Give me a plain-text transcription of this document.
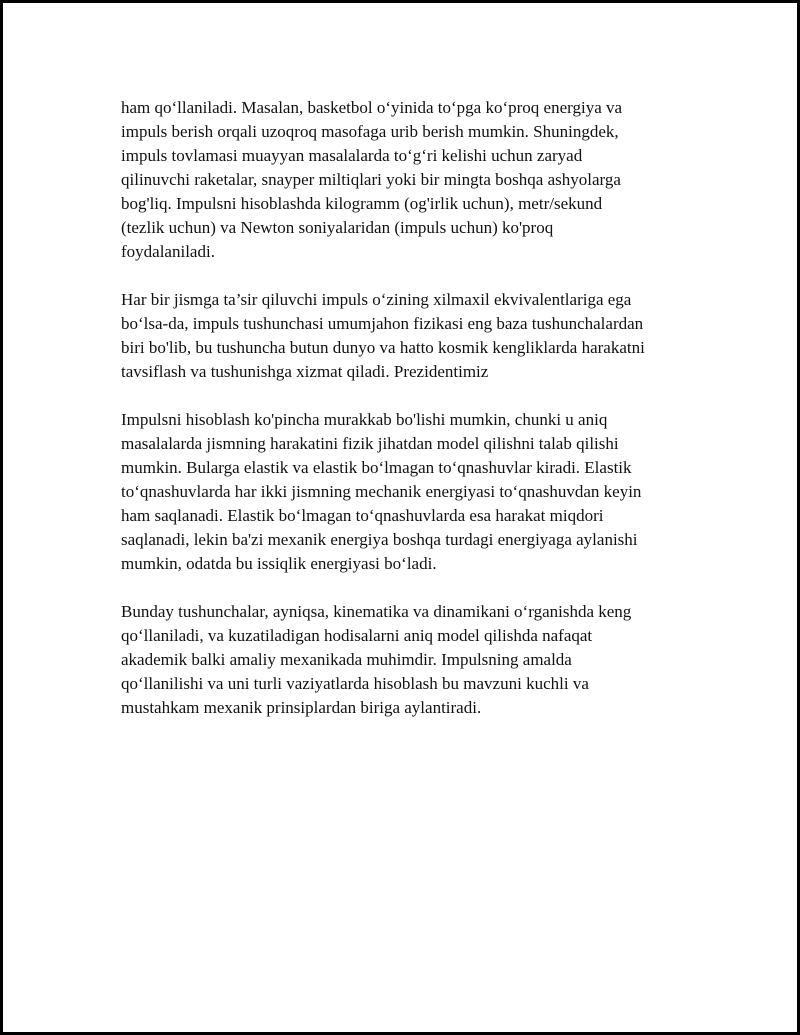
ham qo‘llaniladi. Masalan, basketbol o‘yinida to‘pga ko‘proq energiya va
impuls berish orqali uzoqroq masofaga urib berish mumkin. Shuningdek,
impuls tovlamasi muayyan masalalarda to‘g‘ri kelishi uchun zaryad
qilinuvchi raketalar, snayper miltiqlari yoki bir mingta boshqa ashyolarga
bog'liq. Impulsni hisoblashda kilogramm (og'irlik uchun), metr/sekund
(tezlik uchun) va Newton soniyalaridan (impuls uchun) ko'proq
foydalaniladi.

Har bir jismga ta’sir qiluvchi impuls o‘zining xilmaxil ekvivalentlariga ega
bo‘lsa-da, impuls tushunchasi umumjahon fizikasi eng baza tushunchalardan
biri bo'lib, bu tushuncha butun dunyo va hatto kosmik kengliklarda harakatni
tavsiflash va tushunishga xizmat qiladi. Prezidentimiz

Impulsni hisoblash ko'pincha murakkab bo'lishi mumkin, chunki u aniq
masalalarda jismning harakatini fizik jihatdan model qilishni talab qilishi
mumkin. Bularga elastik va elastik bo‘lmagan to‘qnashuvlar kiradi. Elastik
to‘qnashuvlarda har ikki jismning mechanik energiyasi to‘qnashuvdan keyin
ham saqlanadi. Elastik bo‘lmagan to‘qnashuvlarda esa harakat miqdori
saqlanadi, lekin ba'zi mexanik energiya boshqa turdagi energiyaga aylanishi
mumkin, odatda bu issiqlik energiyasi bo‘ladi.

Bunday tushunchalar, ayniqsa, kinematika va dinamikani o‘rganishda keng
qo‘llaniladi, va kuzatiladigan hodisalarni aniq model qilishda nafaqat
akademik balki amaliy mexanikada muhimdir. Impulsning amalda
qo‘llanilishi va uni turli vaziyatlarda hisoblash bu mavzuni kuchli va
mustahkam mexanik prinsiplardan biriga aylantiradi.
